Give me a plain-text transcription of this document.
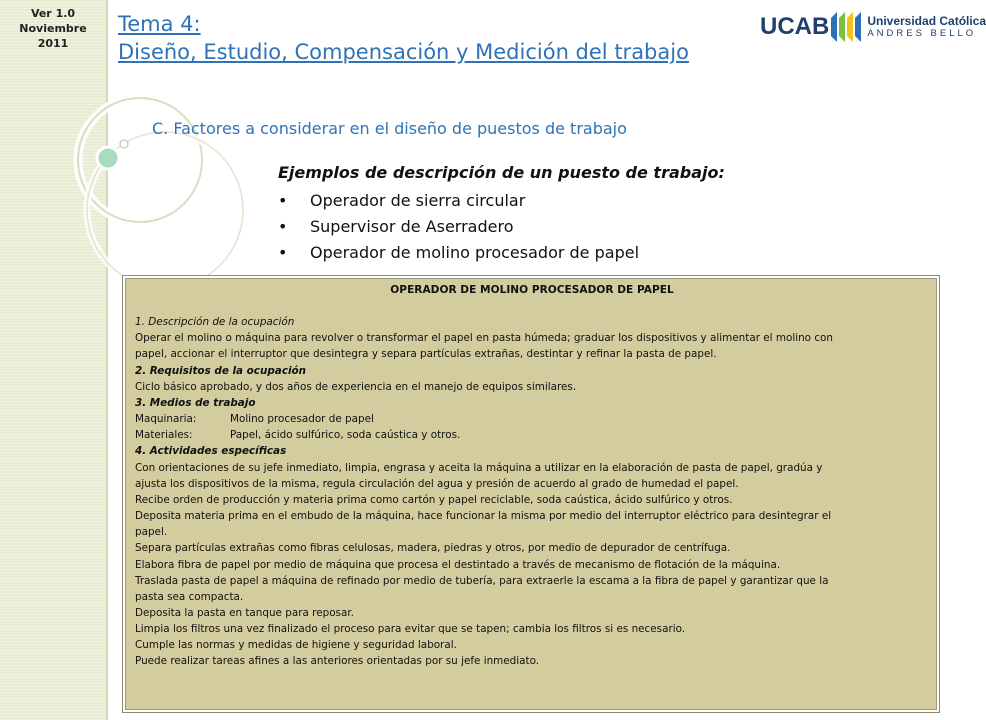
Ver 1.0
Noviembre
2011
Tema 4:
Diseño, Estudio, Compensación y Medición del trabajo
UCAB	Universidad Católica
ANDRES BELLO
C. Factores a considerar en el diseño de puestos de trabajo
Ejemplos de descripción de un puesto de trabajo:
• Operador de sierra circular
• Supervisor de Aserradero
• Operador de molino procesador de papel
OPERADOR DE MOLINO PROCESADOR DE PAPEL
1. Descripción de la ocupación
Operar el molino o máquina para revolver o transformar el papel en pasta húmeda; graduar los dispositivos y alimentar el molino con
papel, accionar el interruptor que desintegra y separa partículas extrañas, destintar y refinar la pasta de papel.
2. Requisitos de la ocupación
Ciclo básico aprobado, y dos años de experiencia en el manejo de equipos similares.
3. Medios de trabajo
Maquinaria:	Molino procesador de papel
Materiales:	Papel, ácido sulfúrico, soda caústica y otros.
4. Actividades específicas
Con orientaciones de su jefe inmediato, limpia, engrasa y aceita la máquina a utilizar en la elaboración de pasta de papel, gradúa y
ajusta los dispositivos de la misma, regula circulación del agua y presión de acuerdo al grado de humedad el papel.
Recibe orden de producción y materia prima como cartón y papel reciclable, soda caústica, ácido sulfúrico y otros.
Deposita materia prima en el embudo de la máquina, hace funcionar la misma por medio del interruptor eléctrico para desintegrar el
papel.
Separa partículas extrañas como fibras celulosas, madera, piedras y otros, por medio de depurador de centrífuga.
Elabora fibra de papel por medio de máquina que procesa el destintado a través de mecanismo de flotación de la máquina.
Traslada pasta de papel a máquina de refinado por medio de tubería, para extraerle la escama a la fibra de papel y garantizar que la
pasta sea compacta.
Deposita la pasta en tanque para reposar.
Limpia los filtros una vez finalizado el proceso para evitar que se tapen; cambia los filtros si es necesario.
Cumple las normas y medidas de higiene y seguridad laboral.
Puede realizar tareas afines a las anteriores orientadas por su jefe inmediato.
